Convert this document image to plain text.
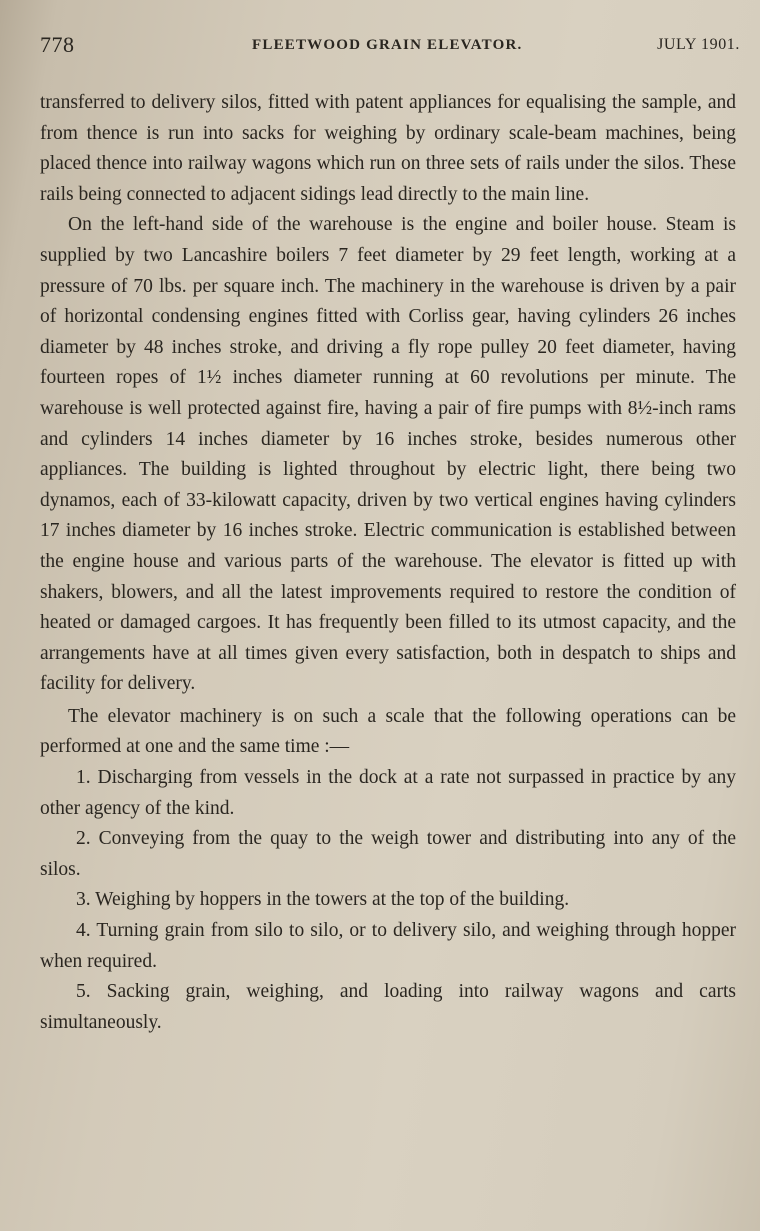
778	FLEETWOOD GRAIN ELEVATOR.	JULY 1901.

transferred to delivery silos, fitted with patent appliances for equalising the sample, and from thence is run into sacks for weighing by ordinary scale-beam machines, being placed thence into railway wagons which run on three sets of rails under the silos. These rails being connected to adjacent sidings lead directly to the main line.

On the left-hand side of the warehouse is the engine and boiler house. Steam is supplied by two Lancashire boilers 7 feet diameter by 29 feet length, working at a pressure of 70 lbs. per square inch. The machinery in the warehouse is driven by a pair of horizontal condensing engines fitted with Corliss gear, having cylinders 26 inches diameter by 48 inches stroke, and driving a fly rope pulley 20 feet diameter, having fourteen ropes of 1½ inches diameter running at 60 revolutions per minute. The warehouse is well protected against fire, having a pair of fire pumps with 8½-inch rams and cylinders 14 inches diameter by 16 inches stroke, besides numerous other appliances. The building is lighted throughout by electric light, there being two dynamos, each of 33-kilowatt capacity, driven by two vertical engines having cylinders 17 inches diameter by 16 inches stroke. Electric communication is established between the engine house and various parts of the warehouse. The elevator is fitted up with shakers, blowers, and all the latest improvements required to restore the condition of heated or damaged cargoes. It has frequently been filled to its utmost capacity, and the arrangements have at all times given every satisfaction, both in despatch to ships and facility for delivery.

The elevator machinery is on such a scale that the following operations can be performed at one and the same time :—

1. Discharging from vessels in the dock at a rate not surpassed in practice by any other agency of the kind.

2. Conveying from the quay to the weigh tower and distributing into any of the silos.

3. Weighing by hoppers in the towers at the top of the building.

4. Turning grain from silo to silo, or to delivery silo, and weighing through hopper when required.

5. Sacking grain, weighing, and loading into railway wagons and carts simultaneously.
